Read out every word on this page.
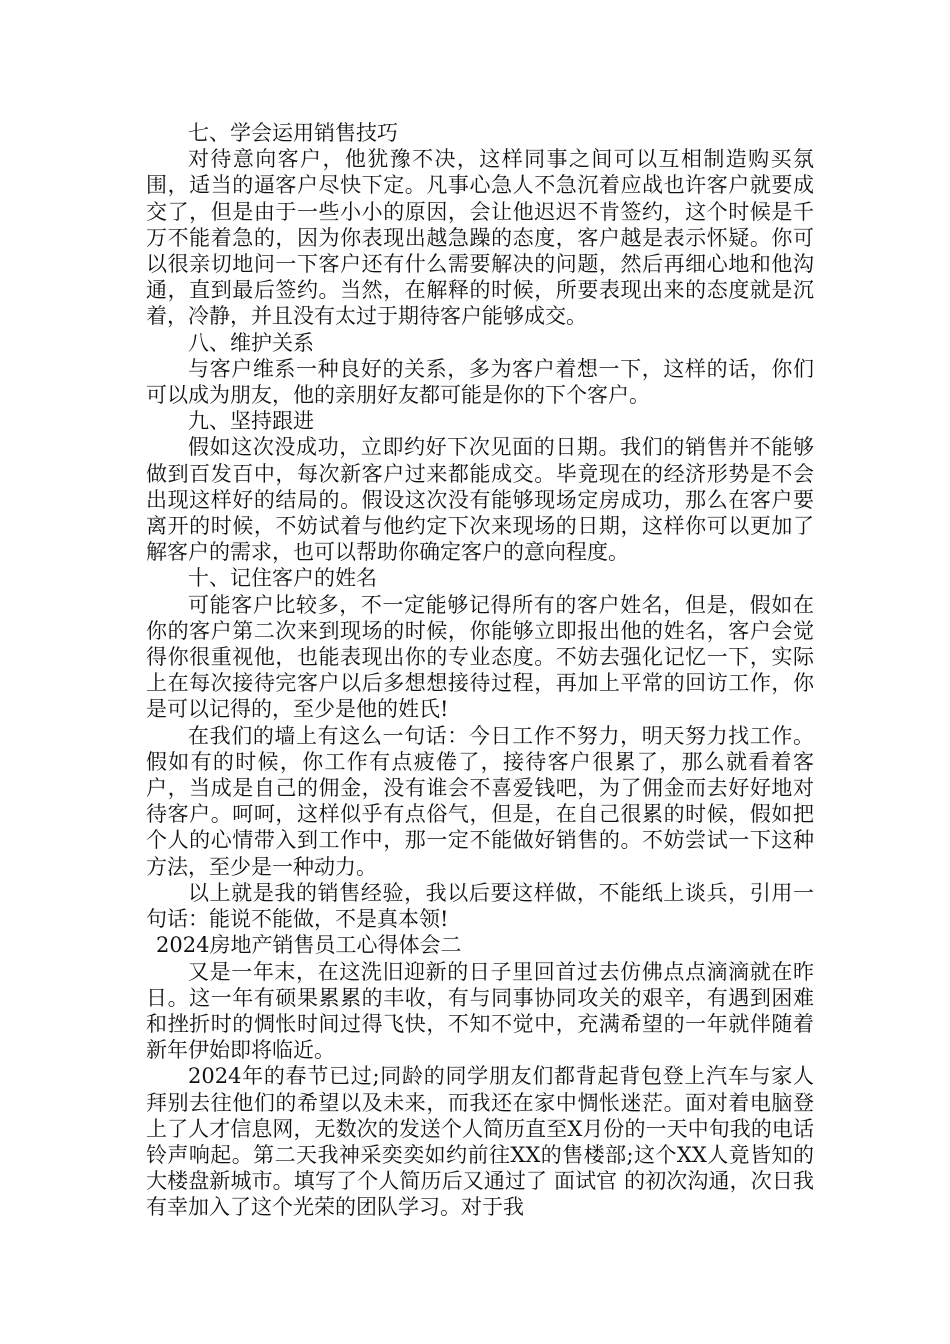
七、学会运用销售技巧

对待意向客户，他犹豫不决，这样同事之间可以互相制造购买氛围，适当的逼客户尽快下定。凡事心急人不急沉着应战也许客户就要成交了，但是由于一些小小的原因，会让他迟迟不肯签约，这个时候是千万不能着急的，因为你表现出越急躁的态度，客户越是表示怀疑。你可以很亲切地问一下客户还有什么需要解决的问题，然后再细心地和他沟通，直到最后签约。当然，在解释的时候，所要表现出来的态度就是沉着，冷静，并且没有太过于期待客户能够成交。

八、维护关系

与客户维系一种良好的关系，多为客户着想一下，这样的话，你们可以成为朋友，他的亲朋好友都可能是你的下个客户。

九、坚持跟进

假如这次没成功，立即约好下次见面的日期。我们的销售并不能够做到百发百中，每次新客户过来都能成交。毕竟现在的经济形势是不会出现这样好的结局的。假设这次没有能够现场定房成功，那么在客户要离开的时候，不妨试着与他约定下次来现场的日期，这样你可以更加了解客户的需求，也可以帮助你确定客户的意向程度。

十、记住客户的姓名

可能客户比较多，不一定能够记得所有的客户姓名，但是，假如在你的客户第二次来到现场的时候，你能够立即报出他的姓名，客户会觉得你很重视他，也能表现出你的专业态度。不妨去强化记忆一下，实际上在每次接待完客户以后多想想接待过程，再加上平常的回访工作，你是可以记得的，至少是他的姓氏!

在我们的墙上有这么一句话：今日工作不努力，明天努力找工作。假如有的时候，你工作有点疲倦了，接待客户很累了，那么就看着客户，当成是自己的佣金，没有谁会不喜爱钱吧，为了佣金而去好好地对待客户。呵呵，这样似乎有点俗气，但是，在自己很累的时候，假如把个人的心情带入到工作中，那一定不能做好销售的。不妨尝试一下这种方法，至少是一种动力。

以上就是我的销售经验，我以后要这样做，不能纸上谈兵，引用一句话：能说不能做，不是真本领!

2024房地产销售员工心得体会二

又是一年末，在这洗旧迎新的日子里回首过去仿佛点点滴滴就在昨日。这一年有硕果累累的丰收，有与同事协同攻关的艰辛，有遇到困难和挫折时的惆怅时间过得飞快，不知不觉中，充满希望的一年就伴随着新年伊始即将临近。

2024年的春节已过;同龄的同学朋友们都背起背包登上汽车与家人拜别去往他们的希望以及未来，而我还在家中惆怅迷茫。面对着电脑登上了人才信息网，无数次的发送个人简历直至X月份的一天中旬我的电话铃声响起。第二天我神采奕奕如约前往XX的售楼部;这个XX人竟皆知的大楼盘新城市。填写了个人简历后又通过了 面试官 的初次沟通，次日我有幸加入了这个光荣的团队学习。对于我
